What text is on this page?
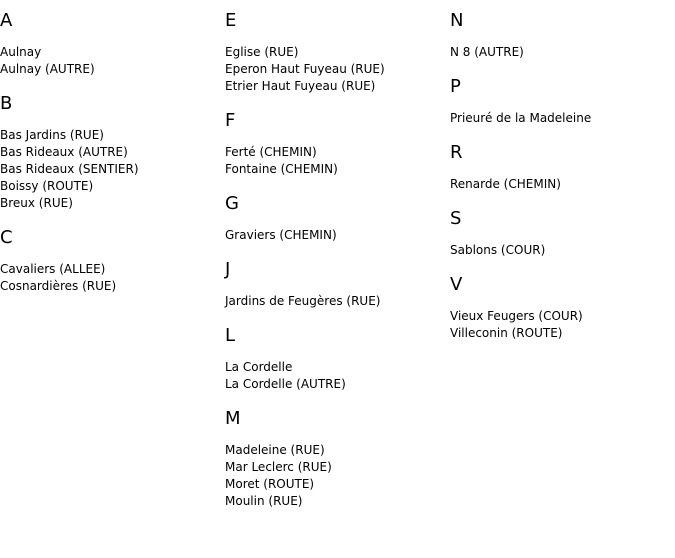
A
Aulnay
Aulnay (AUTRE)
B
Bas Jardins (RUE)
Bas Rideaux (AUTRE)
Bas Rideaux (SENTIER)
Boissy (ROUTE)
Breux (RUE)
C
Cavaliers (ALLEE)
Cosnardières (RUE)
E
Eglise (RUE)
Eperon Haut Fuyeau (RUE)
Etrier Haut Fuyeau (RUE)
F
Ferté (CHEMIN)
Fontaine (CHEMIN)
G
Graviers (CHEMIN)
J
Jardins de Feugères (RUE)
L
La Cordelle
La Cordelle (AUTRE)
M
Madeleine (RUE)
Mar Leclerc (RUE)
Moret (ROUTE)
Moulin (RUE)
N
N 8 (AUTRE)
P
Prieuré de la Madeleine
R
Renarde (CHEMIN)
S
Sablons (COUR)
V
Vieux Feugers (COUR)
Villeconin (ROUTE)
